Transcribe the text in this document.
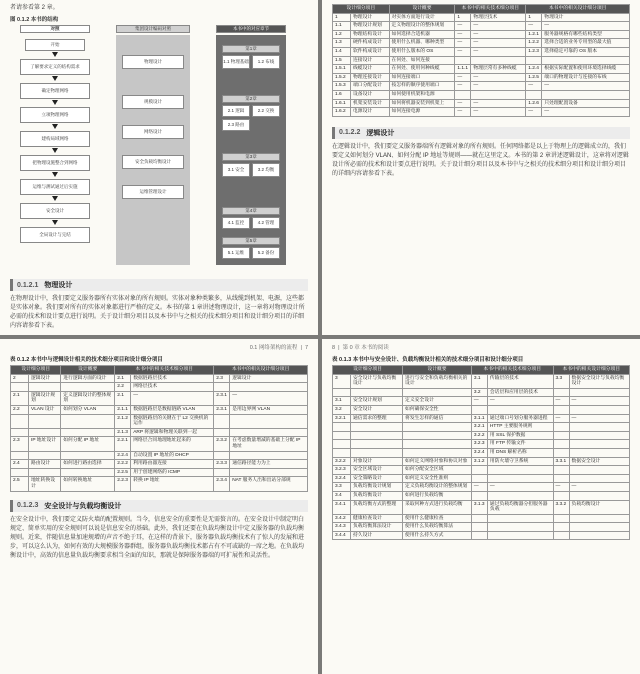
者请参看第 2 章。
图 0.1.2 本书的结构
对照	集团设计编码对照	本书中的对应章节
开始
了解要求定义的结构需求
确定物理网络
立项物理网络
建构局域网络
把物理设施整合到网络
运维与测试通过后实施
安全设计
全局设计与完结
物理设计
规模设计
网络设计
安全负载均衡设计
运维管理设计
第1章
1.1 物理基础	1.2 布线
第2章
2.1 逻辑	2.2 交换
2.3 路由
第3章
3.1 安全	3.2 均衡
第4章
4.1 监控	4.2 管理
第5章
5.1 运维	5.2 备份
0.1.2.1 物理设计
在物理设计中，我们要定义服务器所有实体对象的所有规则。实体对象种类繁多，从线缆到机架、电源，这些都是实体对象。我们要对所有的实体对象都进行严格的定义。本书的第 1 章讲述物理设计，这一章将对物理设计所必需的技术和设计要点进行说明。关于设计细分项目以及本书中与之相关的技术细分项目和设计细分项目的详细内容请参看下表。
设计细分项目		设计概要	本书中的相关技术细分项目		本书中的相关设计细分项目	
1	物理设计	对实体方面进行设计	1	物理层技术	1	物理设计
1.1	物理设计规划	定义物理设计的整体规划	—	—	—	—
1.2	物理结构设计	如何选择合适机器	—	—	1.2.1	服务器规格有哪些结构类型
1.3	硬件构成设计	使用什么机器、哪种类型	—	—	1.2.2	选择合适的业务专用型的最大值
1.4	软件构成设计	使用什么版本的 OS	—	—	1.2.3	选择稳定可靠的 OS 版本
1.5	连接设计	在何处、如何连接				
1.5.1	线缆设计	在何处、使用何种线缆	1.1.1	物理层常有多种线缆	1.2.4	根据实际配置和使用环境选择线缆
1.5.2	物理连接设计	如何连接端口	—	—	1.2.5	端口的物理设计与连接的布线
1.5.3	端口分配设计	按怎样的顺序使用端口	—	—	—	—
1.6	设备设计	如何使用机架和电源				
1.6.1	机架安装设计	如何将机器安装到机架上	—	—	1.2.6	只处理配置设备
1.6.2	电源设计	如何连接电源	—	—	—	—
0.1.2.2 逻辑设计
在逻辑设计中，我们要定义服务器端所有逻辑对象的所有规则。任何网络都是以上于物理上的逻辑成立的，我们要定义如何划分 VLAN、如何分配 IP 地址等规则——就在这里定义。本书的第 2 章讲述逻辑设计，这章将对逻辑设计所必需的技术和设计要点进行说明。关于设计细分项目以及本书中与之相关的技术细分项目和设计细分项目的详细内容请参看下表。
0.1 网络架构的流程  |  7
表 0.1.2 本书中与逻辑设计相关的技术细分项目和设计细分项目
设计细分项目		设计概要	本书中的相关技术细分项目		本书中的相关设计细分项目	
2	逻辑设计	进行逻辑方面的设计	2.1	数据链路层技术	2.3	逻辑设计
			2.2	网络层技术		
2.1	逻辑设计规划	定义逻辑设计的整体规划	2.1	—	2.3.1	—
2.2	VLAN 设计	如何划分 VLAN	2.1.1	数据链路层是数据链路 VLAN	2.3.1	是用边界网 VLAN
			2.1.2	数据链路层的关键在于 L2 交换机的运作		
			2.1.3	ARP 将逻辑和物理关联到一起		
2.3	IP 地址设计	如何分配 IP 地址	2.2.1	网络层合同地理地址起来的	2.3.2	在考虑数量增减的基础上分配 IP 地址
			2.2.4	自动设置 IP 地址的 DHCP		
2.4	路由设计	如何进行路由选择	2.2.2	利用路由器连接	2.3.3	通信路径能力为上
			2.2.5	用于创建网络的 ICMP		
2.5	地址转换设计	如何转换地址	2.2.3	转换 IP 地址	2.3.4	NAT 服务人出和出站分部规
0.1.2.3 安全设计与负载均衡设计
在安全设计中，我们要定义防火墙的配置规则。当今，信息安全的重要性是无需赘言的。在安全设计中制定明白规定、简单实用的安全规则可以说是信息安全的基础。此外，我们还要在负载均衡设计中定义服务器的负载均衡规则。近来，伴随信息量加速规增的声音不绝于耳，在这样的背景下，服务器负载均衡技术有了惊人的发展和进步，可以这么认为，如何有效的大规模服务器群组，服务器负载均衡技术都占有不可或缺的一席之地。在负载均衡设计中，高效的信息量负载均衡要求相当全面的知识，那就是保障服务器端的可扩展性和灵活性。
8  |  第 0 章 本书的阅读
表 0.1.3 本书中与安全设计、负载均衡设计相关的技术细分项目和设计细分项目
设计细分项目		设计概要	本书中的相关技术细分项目		本书中的相关设计细分项目	
3	安全设计与负载均衡设计	进行与安全和负载均衡相关的设计	3.1	传输层的技术	3.3	数据安全设计与负载均衡设计
			3.2	会话层和应用层的技术		
3.1	安全设计规划	定义安全设计	—	—	—	—
3.2	安全设计	如何确保安全性				
3.2.1	通信需求的整理	将发生怎样的通信	3.1.1	通过端口号划分服务器进程	—	—
			3.2.1	HTTP 主要服务规则		
			3.2.2	用 SSL 保护数据		
			3.2.3	用 FTP 传输文件		
			3.2.4	用 DNS 解析名称		
3.2.2	对象设计	如何定义网络对象和协议对象	3.1.2	用防火墙守卫系统	3.3.1	数据安全设计
3.2.3	安全区域设计	如何分配安全区域				
3.2.4	安全策略设计	如何定义安全性准则				
3.3	负载均衡设计规划	定义负载均衡设计的整体规划	—	—	—	—
3.4	负载均衡设计	如何进行负载均衡				
3.4.1	负载均衡方式的整理	采取何种方式进行负载均衡	3.1.3	通过负载均衡器分担服务器负载	3.3.2	负载均衡设计
3.4.2	健康检查设计	使用什么健康检查				
3.4.3	负载均衡算法设计	使用什么负载均衡算法				
3.4.4	持久设计	使用什么持久方式				
